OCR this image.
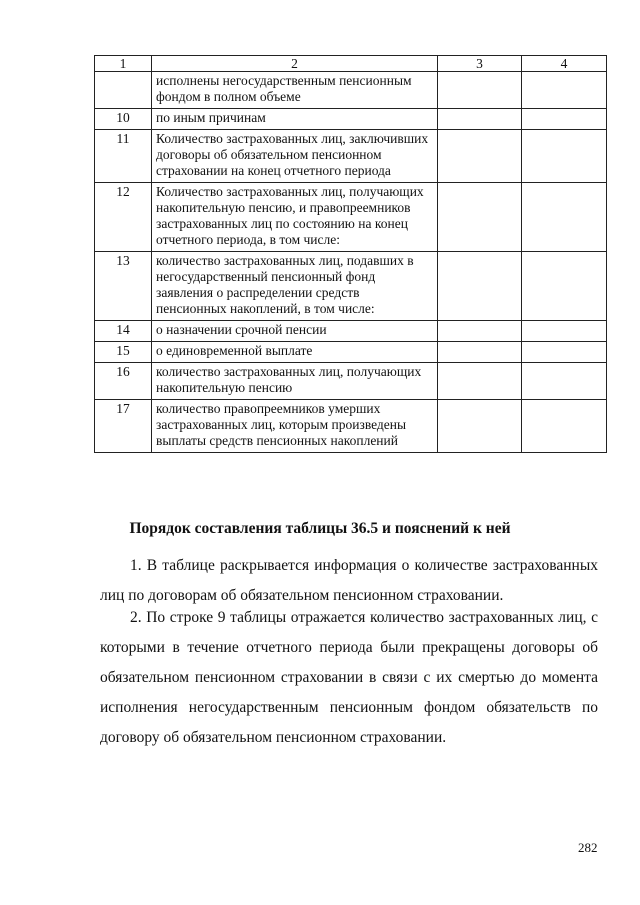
1	2	3	4
	исполнены негосударственным пенсионным фондом в полном объеме		
10	по иным причинам		
11	Количество застрахованных лиц, заключивших договоры об обязательном пенсионном страховании на конец отчетного периода		
12	Количество застрахованных лиц, получающих накопительную пенсию, и правопреемников застрахованных лиц по состоянию на конец отчетного периода, в том числе:		
13	количество застрахованных лиц, подавших в негосударственный пенсионный фонд заявления о распределении средств пенсионных накоплений, в том числе:		
14	о назначении срочной пенсии		
15	о единовременной выплате		
16	количество застрахованных лиц, получающих накопительную пенсию		
17	количество правопреемников умерших застрахованных лиц, которым произведены выплаты средств пенсионных накоплений		
Порядок составления таблицы 36.5 и пояснений к ней

1. В таблице раскрывается информация о количестве застрахованных лиц по договорам об обязательном пенсионном страховании.

2. По строке 9 таблицы отражается количество застрахованных лиц, с которыми в течение отчетного периода были прекращены договоры об обязательном пенсионном страховании в связи с их смертью до момента исполнения негосударственным пенсионным фондом обязательств по договору об обязательном пенсионном страховании.

282
